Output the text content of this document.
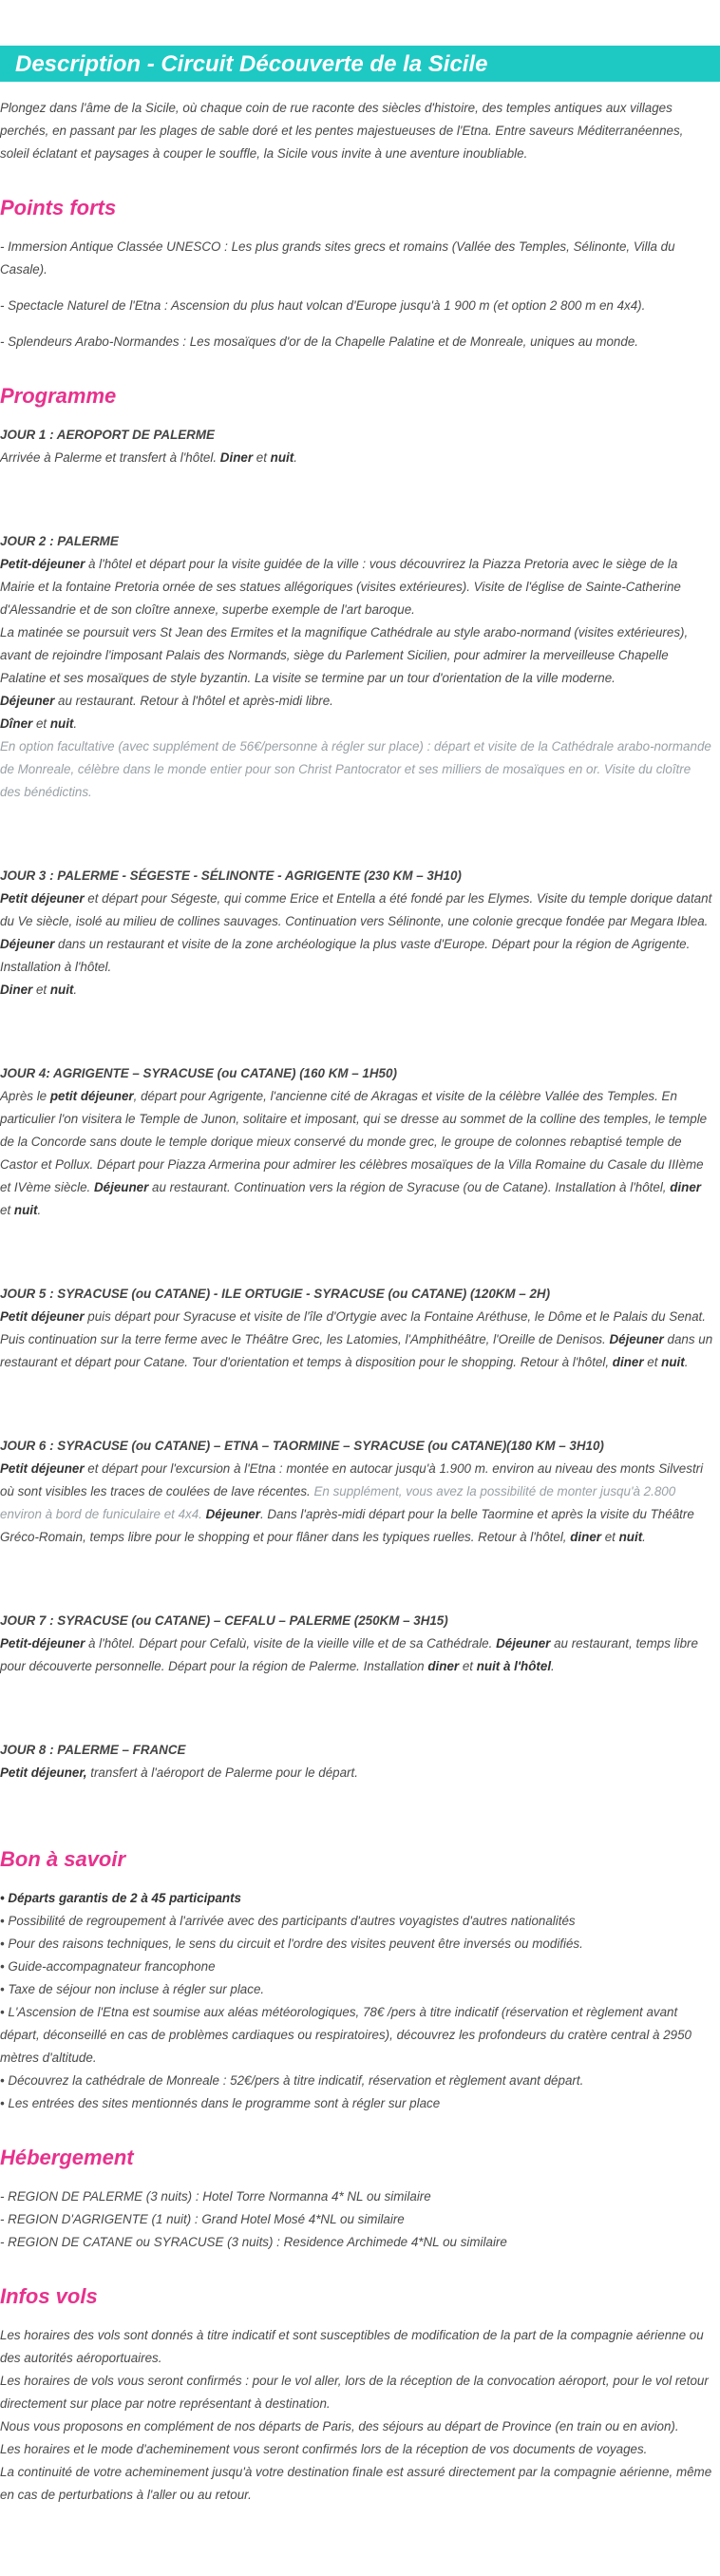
Description - Circuit Découverte de la Sicile

Plongez dans l'âme de la Sicile, où chaque coin de rue raconte des siècles d'histoire, des temples antiques aux villages perchés, en passant par les plages de sable doré et les pentes majestueuses de l'Etna. Entre saveurs Méditerranéennes, soleil éclatant et paysages à couper le souffle, la Sicile vous invite à une aventure inoubliable.

Points forts

- Immersion Antique Classée UNESCO : Les plus grands sites grecs et romains (Vallée des Temples, Sélinonte, Villa du Casale).

- Spectacle Naturel de l'Etna : Ascension du plus haut volcan d'Europe jusqu'à 1 900 m (et option 2 800 m en 4x4).

- Splendeurs Arabo-Normandes : Les mosaïques d'or de la Chapelle Palatine et de Monreale, uniques au monde.

Programme

JOUR 1 : AEROPORT DE PALERME
Arrivée à Palerme et transfert à l'hôtel. Diner et nuit.

JOUR 2 : PALERME
Petit-déjeuner à l'hôtel et départ pour la visite guidée de la ville : vous découvrirez la Piazza Pretoria avec le siège de la Mairie et la fontaine Pretoria ornée de ses statues allégoriques (visites extérieures). Visite de l'église de Sainte-Catherine d'Alessandrie et de son cloître annexe, superbe exemple de l'art baroque.
La matinée se poursuit vers St Jean des Ermites et la magnifique Cathédrale au style arabo-normand (visites extérieures), avant de rejoindre l'imposant Palais des Normands, siège du Parlement Sicilien, pour admirer la merveilleuse Chapelle Palatine et ses mosaïques de style byzantin. La visite se termine par un tour d'orientation de la ville moderne.
Déjeuner au restaurant. Retour à l'hôtel et après-midi libre.
Dîner et nuit.
En option facultative (avec supplément de 56€/personne à régler sur place) : départ et visite de la Cathédrale arabo-normande de Monreale, célèbre dans le monde entier pour son Christ Pantocrator et ses milliers de mosaïques en or. Visite du cloître des bénédictins.

JOUR 3 : PALERME - SÉGESTE - SÉLINONTE - AGRIGENTE (230 KM – 3H10)
Petit déjeuner et départ pour Ségeste, qui comme Erice et Entella a été fondé par les Elymes. Visite du temple dorique datant du Ve siècle, isolé au milieu de collines sauvages. Continuation vers Sélinonte, une colonie grecque fondée par Megara Iblea. Déjeuner dans un restaurant et visite de la zone archéologique la plus vaste d'Europe. Départ pour la région de Agrigente. Installation à l'hôtel.
Diner et nuit.

JOUR 4: AGRIGENTE – SYRACUSE (ou CATANE) (160 KM – 1H50)
Après le petit déjeuner, départ pour Agrigente, l'ancienne cité de Akragas et visite de la célèbre Vallée des Temples. En particulier l'on visitera le Temple de Junon, solitaire et imposant, qui se dresse au sommet de la colline des temples, le temple de la Concorde sans doute le temple dorique mieux conservé du monde grec, le groupe de colonnes rebaptisé temple de Castor et Pollux. Départ pour Piazza Armerina pour admirer les célèbres mosaïques de la Villa Romaine du Casale du IIIème et IVème siècle. Déjeuner au restaurant. Continuation vers la région de Syracuse (ou de Catane). Installation à l'hôtel, diner et nuit.

JOUR 5 : SYRACUSE (ou CATANE) - ILE ORTUGIE - SYRACUSE (ou CATANE) (120KM – 2H)
Petit déjeuner puis départ pour Syracuse et visite de l'île d'Ortygie avec la Fontaine Aréthuse, le Dôme et le Palais du Senat. Puis continuation sur la terre ferme avec le Théâtre Grec, les Latomies, l'Amphithéâtre, l'Oreille de Denisos. Déjeuner dans un restaurant et départ pour Catane. Tour d'orientation et temps à disposition pour le shopping. Retour à l'hôtel, diner et nuit.

JOUR 6 : SYRACUSE (ou CATANE) – ETNA – TAORMINE – SYRACUSE (ou CATANE)(180 KM – 3H10)
Petit déjeuner et départ pour l'excursion à l'Etna : montée en autocar jusqu'à 1.900 m. environ au niveau des monts Silvestri où sont visibles les traces de coulées de lave récentes. En supplément, vous avez la possibilité de monter jusqu'à 2.800 environ à bord de funiculaire et 4x4. Déjeuner. Dans l'après-midi départ pour la belle Taormine et après la visite du Théâtre Gréco-Romain, temps libre pour le shopping et pour flâner dans les typiques ruelles. Retour à l'hôtel, diner et nuit.

JOUR 7 : SYRACUSE (ou CATANE) – CEFALU – PALERME (250KM – 3H15)
Petit-déjeuner à l'hôtel. Départ pour Cefalù, visite de la vieille ville et de sa Cathédrale. Déjeuner au restaurant, temps libre pour découverte personnelle. Départ pour la région de Palerme. Installation diner et nuit à l'hôtel.

JOUR 8 : PALERME – FRANCE
Petit déjeuner, transfert à l'aéroport de Palerme pour le départ.

Bon à savoir

• Départs garantis de 2 à 45 participants
• Possibilité de regroupement à l'arrivée avec des participants d'autres voyagistes d'autres nationalités
• Pour des raisons techniques, le sens du circuit et l'ordre des visites peuvent être inversés ou modifiés.
• Guide-accompagnateur francophone
• Taxe de séjour non incluse à régler sur place.
• L'Ascension de l'Etna est soumise aux aléas météorologiques, 78€ /pers à titre indicatif (réservation et règlement avant départ, déconseillé en cas de problèmes cardiaques ou respiratoires), découvrez les profondeurs du cratère central à 2950 mètres d'altitude.
• Découvrez la cathédrale de Monreale : 52€/pers à titre indicatif, réservation et règlement avant départ.
• Les entrées des sites mentionnés dans le programme sont à régler sur place

Hébergement

- REGION DE PALERME (3 nuits) : Hotel Torre Normanna 4* NL ou similaire
- REGION D'AGRIGENTE (1 nuit) : Grand Hotel Mosé 4*NL ou similaire
- REGION DE CATANE ou SYRACUSE (3 nuits) : Residence Archimede 4*NL ou similaire

Infos vols

Les horaires des vols sont donnés à titre indicatif et sont susceptibles de modification de la part de la compagnie aérienne ou des autorités aéroportuaires.
Les horaires de vols vous seront confirmés : pour le vol aller, lors de la réception de la convocation aéroport, pour le vol retour directement sur place par notre représentant à destination.
Nous vous proposons en complément de nos départs de Paris, des séjours au départ de Province (en train ou en avion).
Les horaires et le mode d'acheminement vous seront confirmés lors de la réception de vos documents de voyages.
La continuité de votre acheminement jusqu'à votre destination finale est assuré directement par la compagnie aérienne, même en cas de perturbations à l'aller ou au retour.
